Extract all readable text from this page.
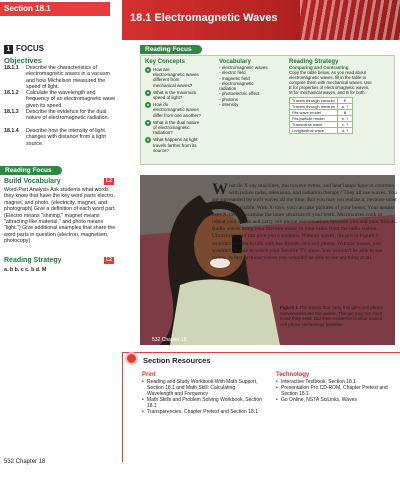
Section 18.1
1 FOCUS
Objectives
18.1.1 Describe the characteristics of electromagnetic waves in a vacuum and how Michelson measured the speed of light.
18.1.2 Calculate the wavelength and frequency of an electromagnetic wave given its speed.
18.1.3 Describe the evidence for the dual nature of electromagnetic radiation.
18.1.4 Describe how the intensity of light changes with distance from a light source.
Reading Focus
Build Vocabulary	L2
Word-Part Analysis Ask students what words they know that have the key word parts electro, magnet, and photo. (electricity, magnet, and photograph) Give a definition of each word part. (Electro means "shining," magnet means "attracting like material," and photo means "light.") Give additional examples that share the word parts in question (electron, magnetism, photocopy).
Reading Strategy	L2
a. b b. c c. b d. M
18.1 Electromagnetic Waves
Reading Focus
Key Concepts
● How are electromagnetic waves different from mechanical waves?
● What is the maximum speed of light?
● How do electromagnetic waves differ from one another?
● What is the dual nature of electromagnetic radiation?
● What happens as light travels farther from its source?
Vocabulary
◦ electromagnetic waves
◦ electric field
◦ magnetic field
◦ electromagnetic radiation
◦ photoelectric effect
◦ photons
◦ intensity
Reading Strategy
Comparing and Contrasting
Copy the table below. As you read about electromagnetic waves, fill in the table to compare them with mechanical waves. Use E for properties of electromagnetic waves, M for mechanical waves, and B for both.
Travels through vacuum	E
Travels through medium	a. ?
Fits wave model	B
Fits particle model	b. ?
Transverse wave	c. ?
Longitudinal wave	d. ?
What do X-ray machines, microwave ovens, and heat lamps have in common with police radar, television, and radiation therapy? They all use waves. You are surrounded by such waves all the time. But you may not realize it, because most waves are invisible. With X-rays, you can take pictures of your bones. Your dentist uses X-rays to examine the inner structure of your teeth. Microwaves cook or reheat your meals and carry cell phone conversations between you and your friends. Radio waves bring your favorite music to your radio from the radio station. Ultraviolet rays can give you a sunburn. Without waves, the girl in Figure 1 wouldn't be able to talk with her friends on a cell phone. Without waves, you wouldn't be able to watch your favorite TV show. You wouldn't be able to see colors. In fact, without waves you wouldn't be able to see anything at all.
Figure 1 The waves that carry this girl's cell phone conversation are not visible. The girl may not even know they exist. But their existence is what makes cell phone technology possible.
532 Chapter 18
Section Resources
Print
• Reading and Study Workbook With Math Support, Section 18.1 and Math Skill: Calculating Wavelength and Frequency
• Math Skills and Problem Solving Workbook, Section 18.1
• Transparencies, Chapter Pretest and Section 18.1
Technology
• Interactive Textbook, Section 18.1
• Presentation Pro CD-ROM, Chapter Pretest and Section 18.1
• Go Online, NSTA SciLinks, Waves
532 Chapter 18
